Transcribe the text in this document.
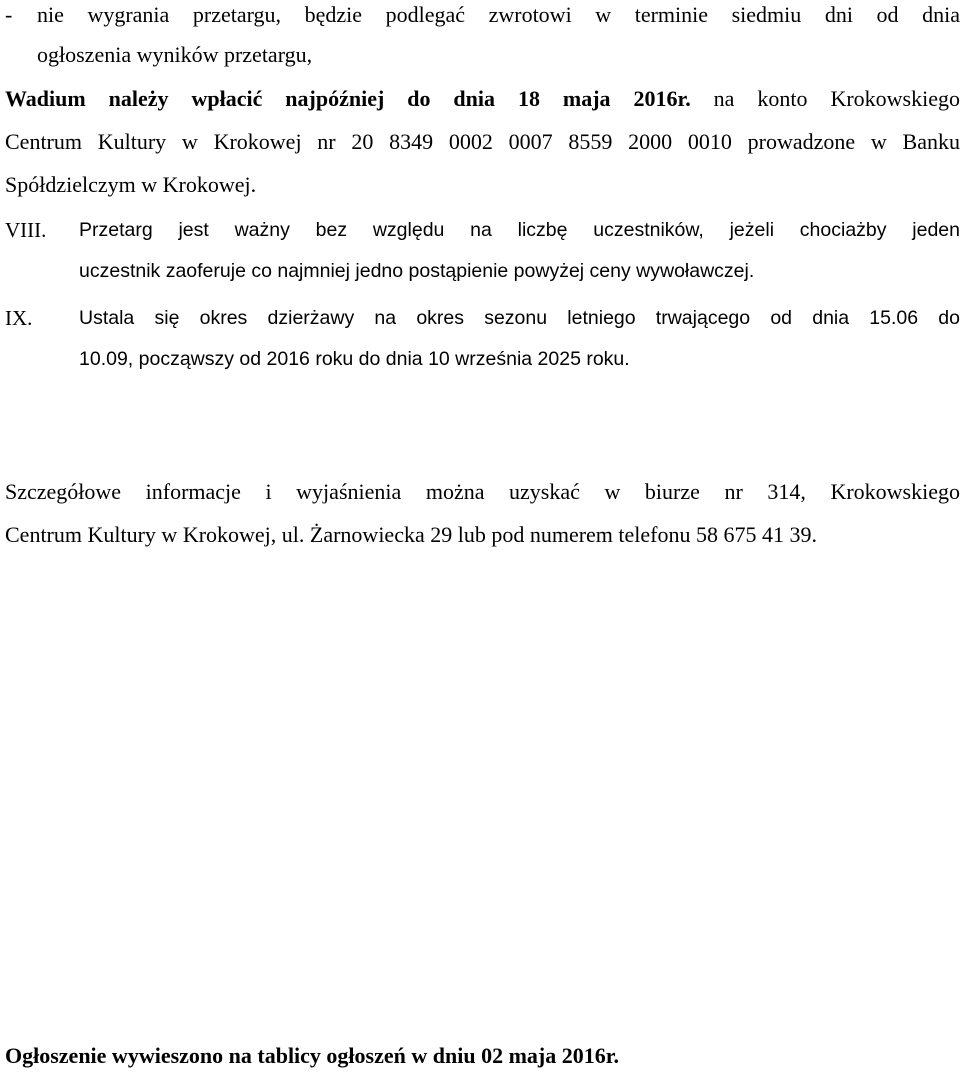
- nie wygrania przetargu, będzie podlegać zwrotowi w terminie siedmiu dni od dnia
ogłoszenia wyników przetargu,
Wadium należy wpłacić najpóźniej do dnia 18 maja 2016r. na konto Krokowskiego
Centrum Kultury w Krokowej nr 20 8349 0002 0007 8559 2000 0010 prowadzone w Banku
Spółdzielczym w Krokowej.
VIII. Przetarg jest ważny bez względu na liczbę uczestników, jeżeli chociażby jeden
uczestnik zaoferuje co najmniej jedno postąpienie powyżej ceny wywoławczej.
IX. Ustala się okres dzierżawy na okres sezonu letniego trwającego od dnia 15.06 do
10.09, począwszy od 2016 roku do dnia 10 września 2025 roku.
Szczegółowe informacje i wyjaśnienia można uzyskać w biurze nr 314, Krokowskiego
Centrum Kultury w Krokowej, ul. Żarnowiecka 29 lub pod numerem telefonu 58 675 41 39.
Ogłoszenie wywieszono na tablicy ogłoszeń w dniu 02 maja 2016r.
